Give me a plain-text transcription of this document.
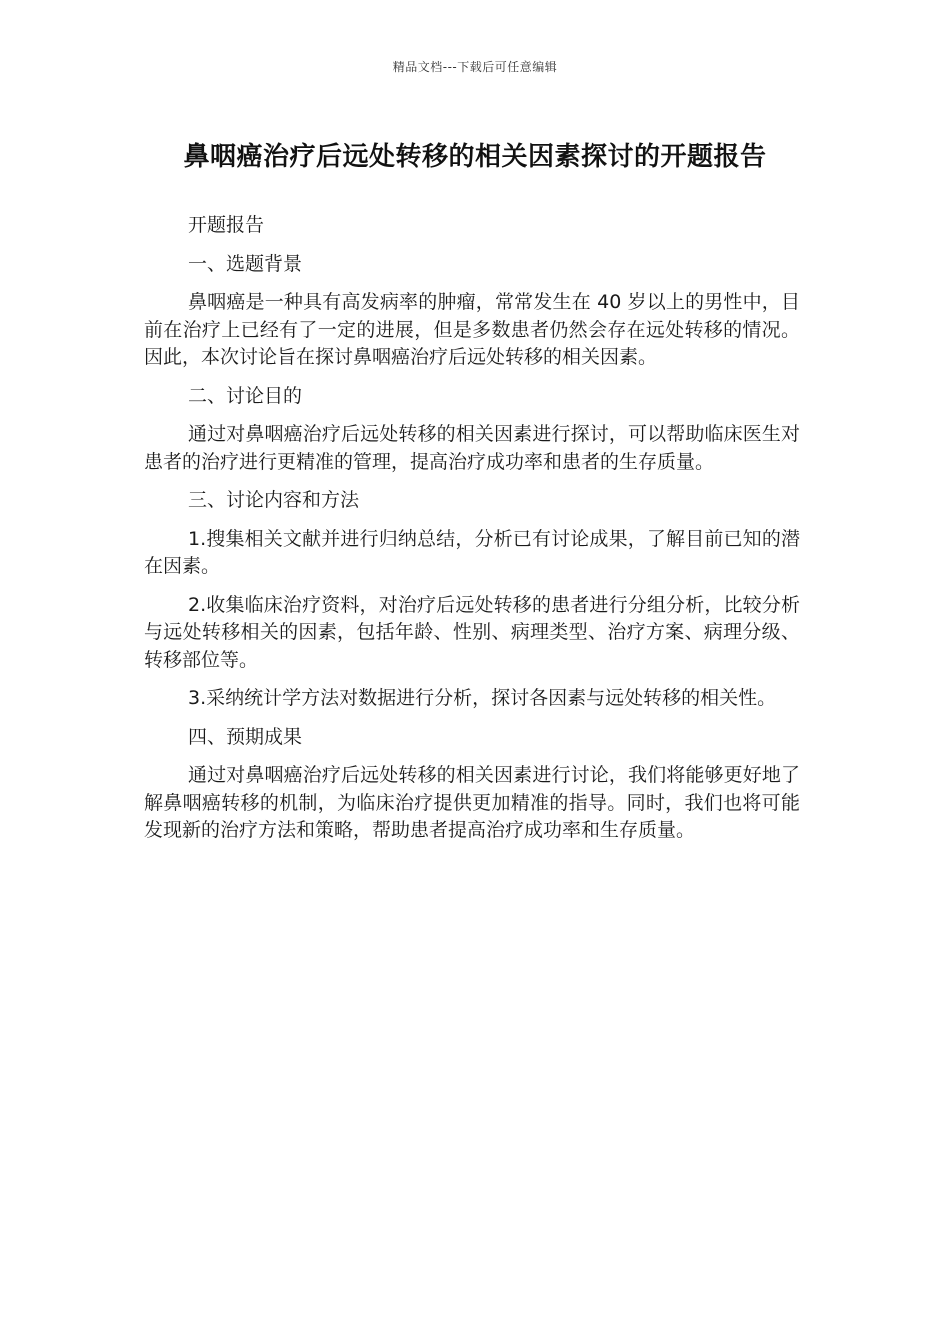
精品文档---下载后可任意编辑
鼻咽癌治疗后远处转移的相关因素探讨的开题报告

开题报告

一、选题背景

鼻咽癌是一种具有高发病率的肿瘤，常常发生在 40 岁以上的男性中，目前在治疗上已经有了一定的进展，但是多数患者仍然会存在远处转移的情况。因此，本次讨论旨在探讨鼻咽癌治疗后远处转移的相关因素。

二、讨论目的

通过对鼻咽癌治疗后远处转移的相关因素进行探讨，可以帮助临床医生对患者的治疗进行更精准的管理，提高治疗成功率和患者的生存质量。

三、讨论内容和方法

1.搜集相关文献并进行归纳总结，分析已有讨论成果，了解目前已知的潜在因素。

2.收集临床治疗资料，对治疗后远处转移的患者进行分组分析，比较分析与远处转移相关的因素，包括年龄、性别、病理类型、治疗方案、病理分级、转移部位等。

3.采纳统计学方法对数据进行分析，探讨各因素与远处转移的相关性。

四、预期成果

通过对鼻咽癌治疗后远处转移的相关因素进行讨论，我们将能够更好地了解鼻咽癌转移的机制，为临床治疗提供更加精准的指导。同时，我们也将可能发现新的治疗方法和策略，帮助患者提高治疗成功率和生存质量。
